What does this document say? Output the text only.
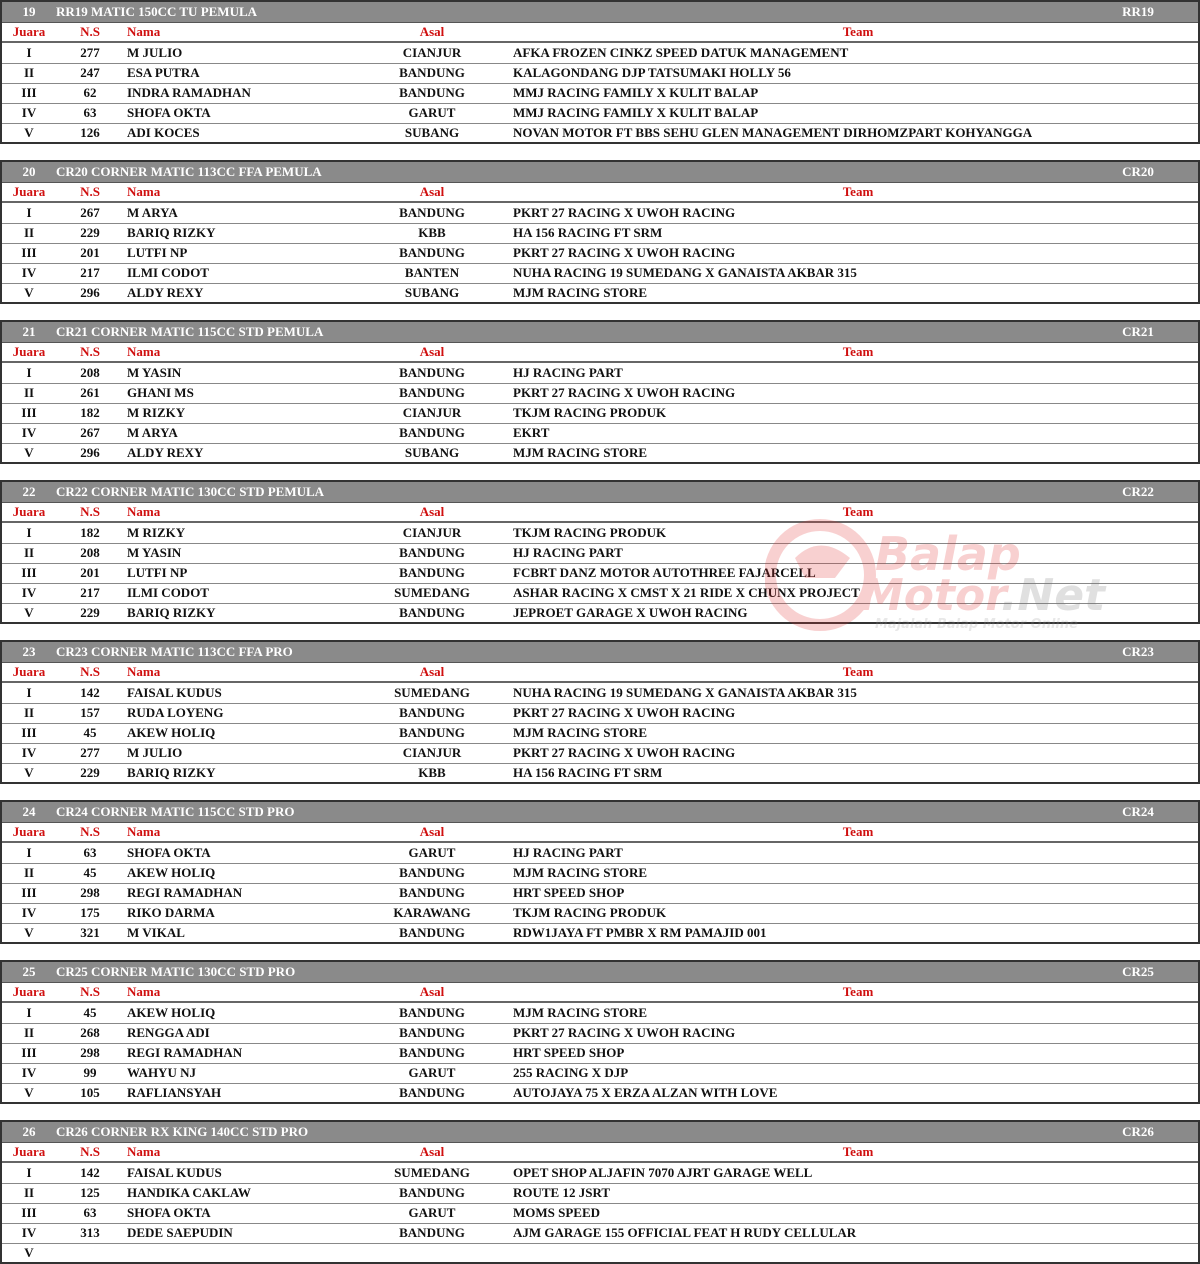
19	RR19 MATIC 150CC TU PEMULA	RR19
Juara	N.S	Nama	Asal	Team
I	277	M JULIO	CIANJUR	AFKA FROZEN CINKZ SPEED DATUK MANAGEMENT
II	247	ESA PUTRA	BANDUNG	KALAGONDANG DJP TATSUMAKI HOLLY 56
III	62	INDRA RAMADHAN	BANDUNG	MMJ RACING FAMILY X KULIT BALAP
IV	63	SHOFA OKTA	GARUT	MMJ RACING FAMILY X KULIT BALAP
V	126	ADI KOCES	SUBANG	NOVAN MOTOR FT BBS SEHU GLEN MANAGEMENT DIRHOMZPART KOHYANGGA
20	CR20 CORNER MATIC 113CC FFA PEMULA	CR20
Juara	N.S	Nama	Asal	Team
I	267	M ARYA	BANDUNG	PKRT 27 RACING X UWOH RACING
II	229	BARIQ RIZKY	KBB	HA 156 RACING FT SRM
III	201	LUTFI NP	BANDUNG	PKRT 27 RACING X UWOH RACING
IV	217	ILMI CODOT	BANTEN	NUHA RACING 19 SUMEDANG X GANAISTA AKBAR 315
V	296	ALDY REXY	SUBANG	MJM RACING STORE
21	CR21 CORNER MATIC 115CC STD PEMULA	CR21
Juara	N.S	Nama	Asal	Team
I	208	M YASIN	BANDUNG	HJ RACING PART
II	261	GHANI MS	BANDUNG	PKRT 27 RACING X UWOH RACING
III	182	M RIZKY	CIANJUR	TKJM RACING PRODUK
IV	267	M ARYA	BANDUNG	EKRT
V	296	ALDY REXY	SUBANG	MJM RACING STORE
22	CR22 CORNER MATIC 130CC STD PEMULA	CR22
Juara	N.S	Nama	Asal	Team
I	182	M RIZKY	CIANJUR	TKJM RACING PRODUK
II	208	M YASIN	BANDUNG	HJ RACING PART
III	201	LUTFI NP	BANDUNG	FCBRT DANZ MOTOR AUTOTHREE FAJARCELL
IV	217	ILMI CODOT	SUMEDANG	ASHAR RACING X CMST X 21 RIDE X CHUNX PROJECT
V	229	BARIQ RIZKY	BANDUNG	JEPROET GARAGE X UWOH RACING
23	CR23 CORNER MATIC 113CC FFA PRO	CR23
Juara	N.S	Nama	Asal	Team
I	142	FAISAL KUDUS	SUMEDANG	NUHA RACING 19 SUMEDANG X GANAISTA AKBAR 315
II	157	RUDA LOYENG	BANDUNG	PKRT 27 RACING X UWOH RACING
III	45	AKEW HOLIQ	BANDUNG	MJM RACING STORE
IV	277	M JULIO	CIANJUR	PKRT 27 RACING X UWOH RACING
V	229	BARIQ RIZKY	KBB	HA 156 RACING FT SRM
24	CR24 CORNER MATIC 115CC STD PRO	CR24
Juara	N.S	Nama	Asal	Team
I	63	SHOFA OKTA	GARUT	HJ RACING PART
II	45	AKEW HOLIQ	BANDUNG	MJM RACING STORE
III	298	REGI RAMADHAN	BANDUNG	HRT SPEED SHOP
IV	175	RIKO DARMA	KARAWANG	TKJM RACING PRODUK
V	321	M VIKAL	BANDUNG	RDW1JAYA FT PMBR X RM PAMAJID 001
25	CR25 CORNER MATIC 130CC STD PRO	CR25
Juara	N.S	Nama	Asal	Team
I	45	AKEW HOLIQ	BANDUNG	MJM RACING STORE
II	268	RENGGA ADI	BANDUNG	PKRT 27 RACING X UWOH RACING
III	298	REGI RAMADHAN	BANDUNG	HRT SPEED SHOP
IV	99	WAHYU NJ	GARUT	255 RACING X DJP
V	105	RAFLIANSYAH	BANDUNG	AUTOJAYA 75 X ERZA ALZAN WITH LOVE
26	CR26 CORNER RX KING 140CC STD PRO	CR26
Juara	N.S	Nama	Asal	Team
I	142	FAISAL KUDUS	SUMEDANG	OPET SHOP ALJAFIN 7070 AJRT GARAGE WELL
II	125	HANDIKA CAKLAW	BANDUNG	ROUTE 12 JSRT
III	63	SHOFA OKTA	GARUT	MOMS SPEED
IV	313	DEDE SAEPUDIN	BANDUNG	AJM GARAGE 155 OFFICIAL FEAT H RUDY CELLULAR
V
Balap
Motor.Net
Majalah Balap Motor Online
